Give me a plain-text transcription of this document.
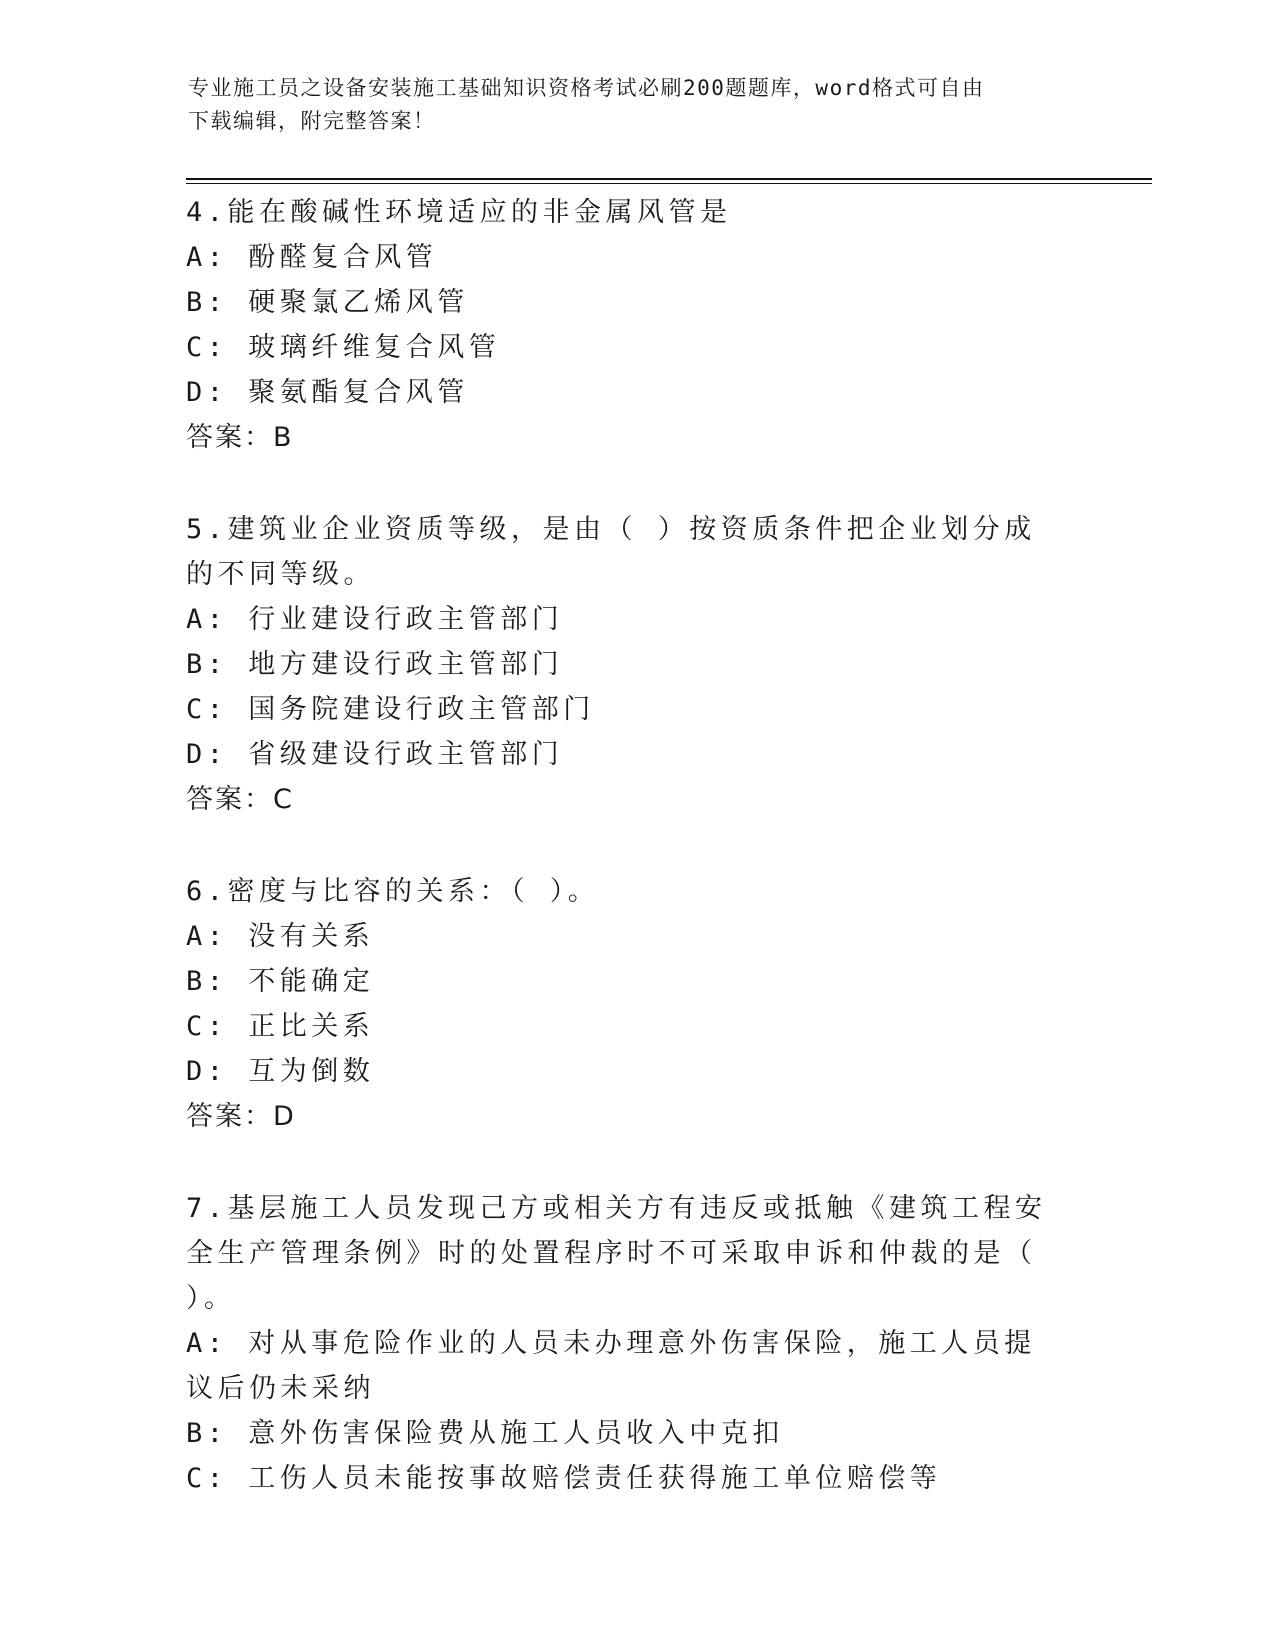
专业施工员之设备安装施工基础知识资格考试必刷200题题库，word格式可自由
下载编辑，附完整答案！
4.能在酸碱性环境适应的非金属风管是
A: 酚醛复合风管
B: 硬聚氯乙烯风管
C: 玻璃纤维复合风管
D: 聚氨酯复合风管
答案：B
5.建筑业企业资质等级，是由（ ）按资质条件把企业划分成的不同等级。
A: 行业建设行政主管部门
B: 地方建设行政主管部门
C: 国务院建设行政主管部门
D: 省级建设行政主管部门
答案：C
6.密度与比容的关系：（ ）。
A: 没有关系
B: 不能确定
C: 正比关系
D: 互为倒数
答案：D
7.基层施工人员发现己方或相关方有违反或抵触《建筑工程安全生产管理条例》时的处置程序时不可采取申诉和仲裁的是（ ）。
A: 对从事危险作业的人员未办理意外伤害保险，施工人员提议后仍未采纳
B: 意外伤害保险费从施工人员收入中克扣
C: 工伤人员未能按事故赔偿责任获得施工单位赔偿等
